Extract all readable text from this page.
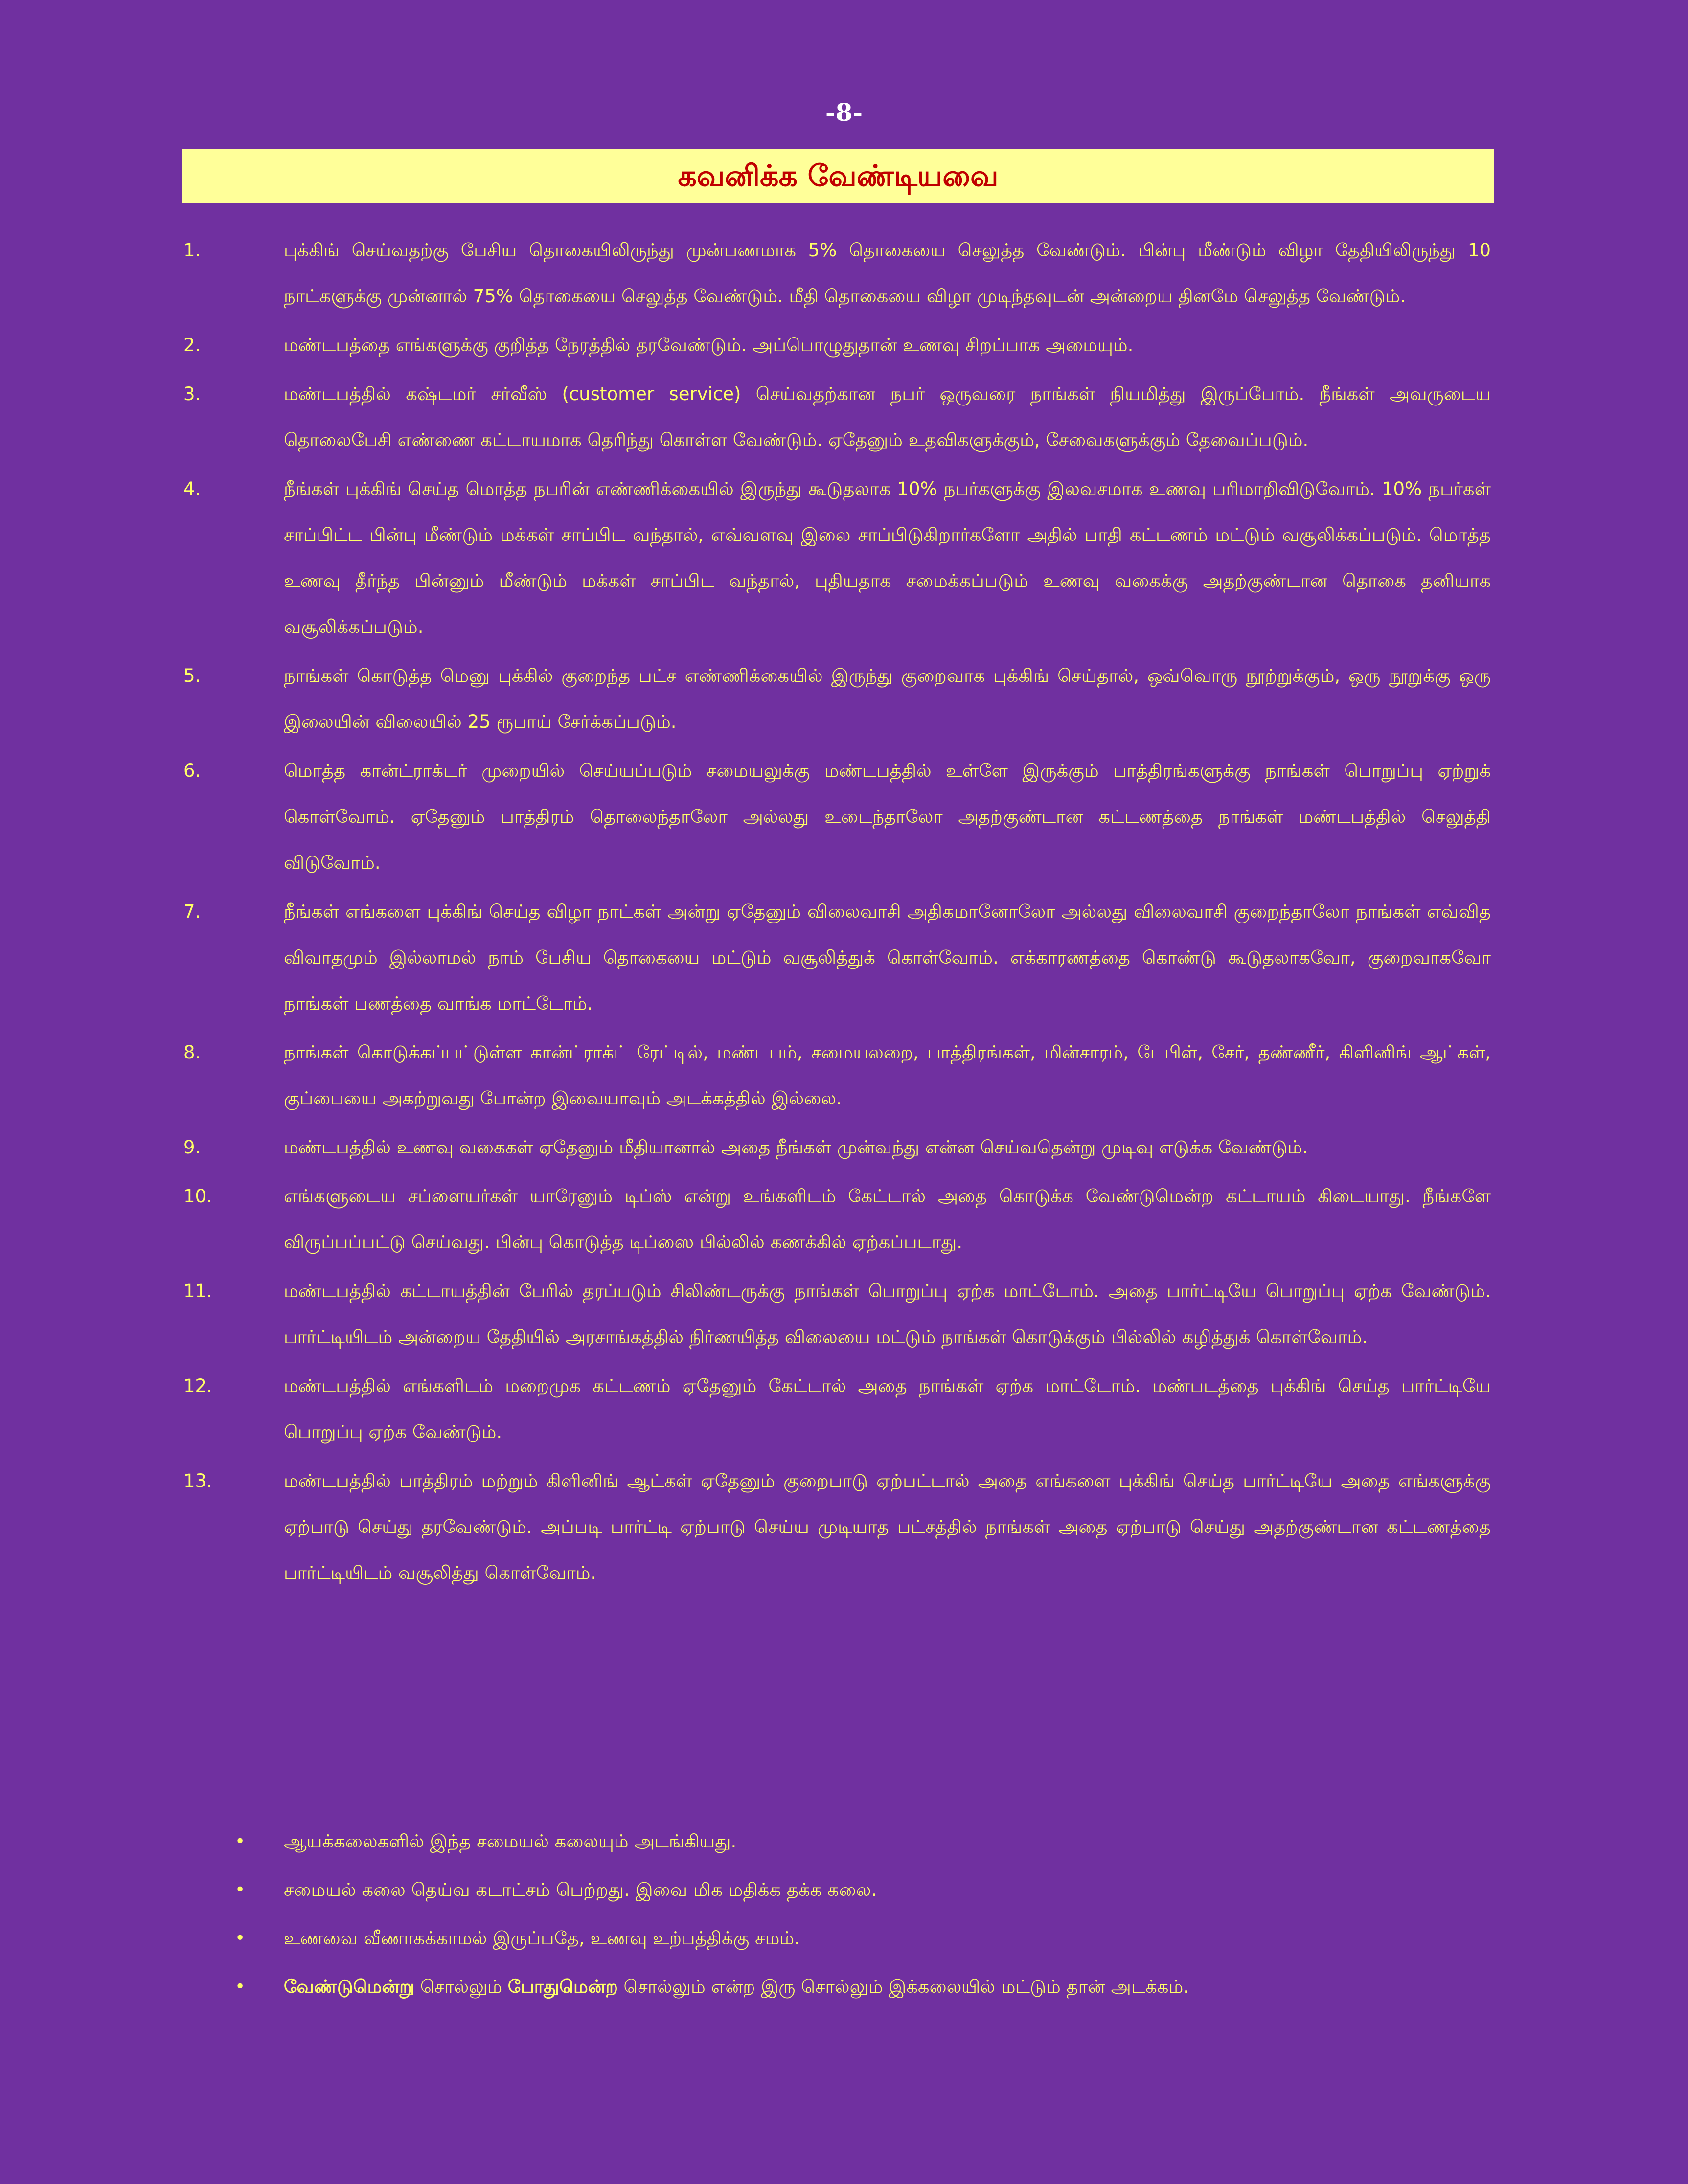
-8-
கவனிக்க வேண்டியவை
1.	புக்கிங் செய்வதற்கு பேசிய தொகையிலிருந்து முன்பணமாக 5% தொகையை செலுத்த வேண்டும். பின்பு மீண்டும் விழா தேதியிலிருந்து 10 நாட்களுக்கு முன்னால் 75% தொகையை செலுத்த வேண்டும். மீதி தொகையை விழா முடிந்தவுடன் அன்றைய தினமே செலுத்த வேண்டும்.
2.	மண்டபத்தை எங்களுக்கு குறித்த நேரத்தில் தரவேண்டும். அப்பொழுதுதான் உணவு சிறப்பாக அமையும்.
3.	மண்டபத்தில் கஷ்டமர் சர்வீஸ் (customer service) செய்வதற்கான நபர் ஒருவரை நாங்கள் நியமித்து இருப்போம். நீங்கள் அவருடைய தொலைபேசி எண்ணை கட்டாயமாக தெரிந்து கொள்ள வேண்டும். ஏதேனும் உதவிகளுக்கும், சேவைகளுக்கும் தேவைப்படும்.
4.	நீங்கள் புக்கிங் செய்த மொத்த நபரின் எண்ணிக்கையில் இருந்து கூடுதலாக 10% நபர்களுக்கு இலவசமாக உணவு பரிமாறிவிடுவோம். 10% நபர்கள் சாப்பிட்ட பின்பு மீண்டும் மக்கள் சாப்பிட வந்தால், எவ்வளவு இலை சாப்பிடுகிறார்களோ அதில் பாதி கட்டணம் மட்டும் வசூலிக்கப்படும். மொத்த உணவு தீர்ந்த பின்னும் மீண்டும் மக்கள் சாப்பிட வந்தால், புதியதாக சமைக்கப்படும் உணவு வகைக்கு அதற்குண்டான தொகை தனியாக வசூலிக்கப்படும்.
5.	நாங்கள் கொடுத்த மெனு புக்கில் குறைந்த பட்ச எண்ணிக்கையில் இருந்து குறைவாக புக்கிங் செய்தால், ஒவ்வொரு நூற்றுக்கும், ஒரு நூறுக்கு ஒரு இலையின் விலையில் 25 ரூபாய் சேர்க்கப்படும்.
6.	மொத்த கான்ட்ராக்டர் முறையில் செய்யப்படும் சமையலுக்கு மண்டபத்தில் உள்ளே இருக்கும் பாத்திரங்களுக்கு நாங்கள் பொறுப்பு ஏற்றுக் கொள்வோம். ஏதேனும் பாத்திரம் தொலைந்தாலோ அல்லது உடைந்தாலோ அதற்குண்டான கட்டணத்தை நாங்கள் மண்டபத்தில் செலுத்தி விடுவோம்.
7.	நீங்கள் எங்களை புக்கிங் செய்த விழா நாட்கள் அன்று ஏதேனும் விலைவாசி அதிகமானோலோ அல்லது விலைவாசி குறைந்தாலோ நாங்கள் எவ்வித விவாதமும் இல்லாமல் நாம் பேசிய தொகையை மட்டும் வசூலித்துக் கொள்வோம். எக்காரணத்தை கொண்டு கூடுதலாகவோ, குறைவாகவோ நாங்கள் பணத்தை வாங்க மாட்டோம்.
8.	நாங்கள் கொடுக்கப்பட்டுள்ள கான்ட்ராக்ட் ரேட்டில், மண்டபம், சமையலறை, பாத்திரங்கள், மின்சாரம், டேபிள், சேர், தண்ணீர், கிளினிங் ஆட்கள், குப்பையை அகற்றுவது போன்ற இவையாவும் அடக்கத்தில் இல்லை.
9.	மண்டபத்தில் உணவு வகைகள் ஏதேனும் மீதியானால் அதை நீங்கள் முன்வந்து என்ன செய்வதென்று முடிவு எடுக்க வேண்டும்.
10.	எங்களுடைய சப்ளையர்கள் யாரேனும் டிப்ஸ் என்று உங்களிடம் கேட்டால் அதை கொடுக்க வேண்டுமென்ற கட்டாயம் கிடையாது. நீங்களே விருப்பப்பட்டு செய்வது. பின்பு கொடுத்த டிப்ஸை பில்லில் கணக்கில் ஏற்கப்படாது.
11.	மண்டபத்தில் கட்டாயத்தின் பேரில் தரப்படும் சிலிண்டருக்கு நாங்கள் பொறுப்பு ஏற்க மாட்டோம். அதை பார்ட்டியே பொறுப்பு ஏற்க வேண்டும். பார்ட்டியிடம் அன்றைய தேதியில் அரசாங்கத்தில் நிர்ணயித்த விலையை மட்டும் நாங்கள் கொடுக்கும் பில்லில் கழித்துக் கொள்வோம்.
12.	மண்டபத்தில் எங்களிடம் மறைமுக கட்டணம் ஏதேனும் கேட்டால் அதை நாங்கள் ஏற்க மாட்டோம். மண்படத்தை புக்கிங் செய்த பார்ட்டியே பொறுப்பு ஏற்க வேண்டும்.
13.	மண்டபத்தில் பாத்திரம் மற்றும் கிளினிங் ஆட்கள் ஏதேனும் குறைபாடு ஏற்பட்டால் அதை எங்களை புக்கிங் செய்த பார்ட்டியே அதை எங்களுக்கு ஏற்பாடு செய்து தரவேண்டும். அப்படி பார்ட்டி ஏற்பாடு செய்ய முடியாத பட்சத்தில் நாங்கள் அதை ஏற்பாடு செய்து அதற்குண்டான கட்டணத்தை பார்ட்டியிடம் வசூலித்து கொள்வோம்.
•	ஆயக்கலைகளில் இந்த சமையல் கலையும் அடங்கியது.
•	சமையல் கலை தெய்வ கடாட்சம் பெற்றது. இவை மிக மதிக்க தக்க கலை.
•	உணவை வீணாகக்காமல் இருப்பதே, உணவு உற்பத்திக்கு சமம்.
•	வேண்டுமென்று சொல்லும் போதுமென்ற சொல்லும் என்ற இரு சொல்லும் இக்கலையில் மட்டும் தான் அடக்கம்.
